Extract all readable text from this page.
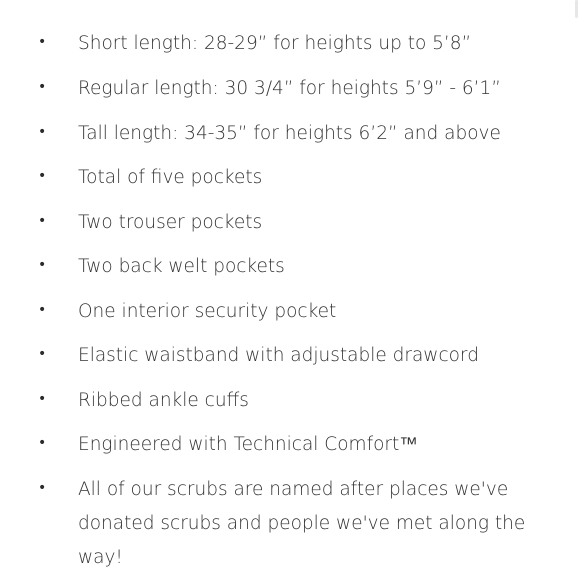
• Short length: 28-29” for heights up to 5’8”
• Regular length: 30 3/4” for heights 5’9” - 6’1”
• Tall length: 34-35” for heights 6’2” and above
• Total of five pockets
• Two trouser pockets
• Two back welt pockets
• One interior security pocket
• Elastic waistband with adjustable drawcord
• Ribbed ankle cuffs
• Engineered with Technical Comfort™
• All of our scrubs are named after places we've donated scrubs and people we've met along the way!
